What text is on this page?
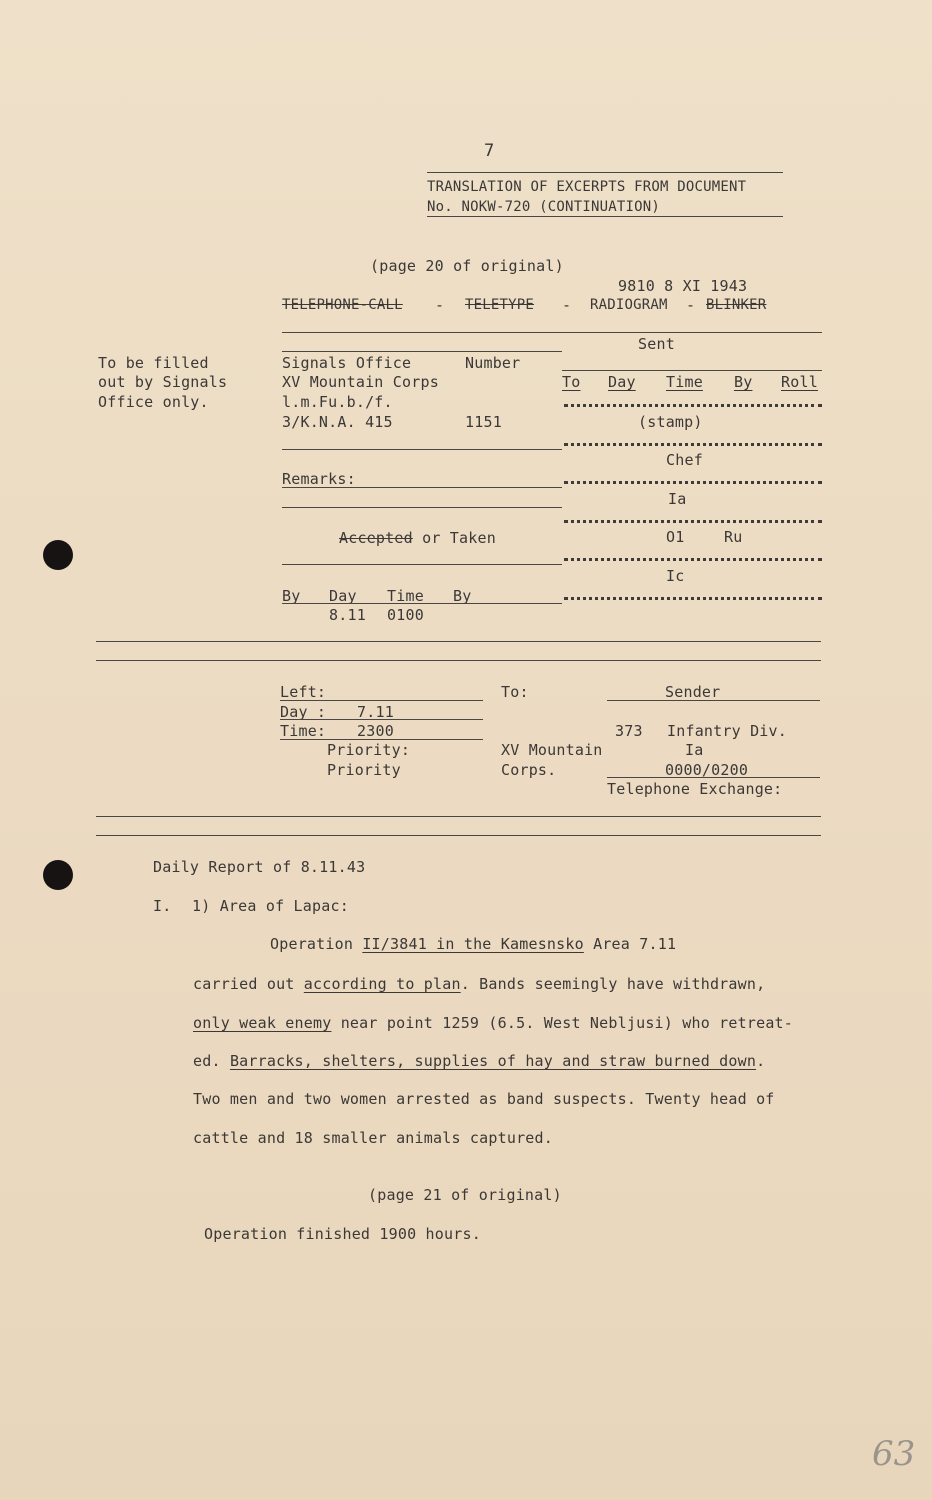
7
TRANSLATION OF EXCERPTS FROM DOCUMENT
No. NOKW-720 (CONTINUATION)
(page 20 of original)
9810 8 XI 1943
TELEPHONE-CALL - TELETYPE - RADIOGRAM - BLINKER
To be filled
out by Signals
Office only.
Signals Office	Number
XV Mountain Corps
l.m.Fu.b./f.
3/K.N.A. 415	1151
Sent
To Day Time By Roll
(stamp)
Chef
Ia
O1	Ru
Ic
Remarks:
Accepted or Taken
By Day Time By
8.11 0100
Left:
Day : 7.11
Time: 2300
Priority:
Priority
To:
XV Mountain
Corps.
Sender
373 Infantry Div.
Ia
0000/0200
Telephone Exchange:
Daily Report of 8.11.43
I. 1) Area of Lapac:
Operation II/3841 in the Kamesnsko Area 7.11
carried out according to plan. Bands seemingly have withdrawn,
only weak enemy near point 1259 (6.5. West Nebljusi) who retreat-
ed. Barracks, shelters, supplies of hay and straw burned down.
Two men and two women arrested as band suspects. Twenty head of
cattle and 18 smaller animals captured.
(page 21 of original)
Operation finished 1900 hours.
63
